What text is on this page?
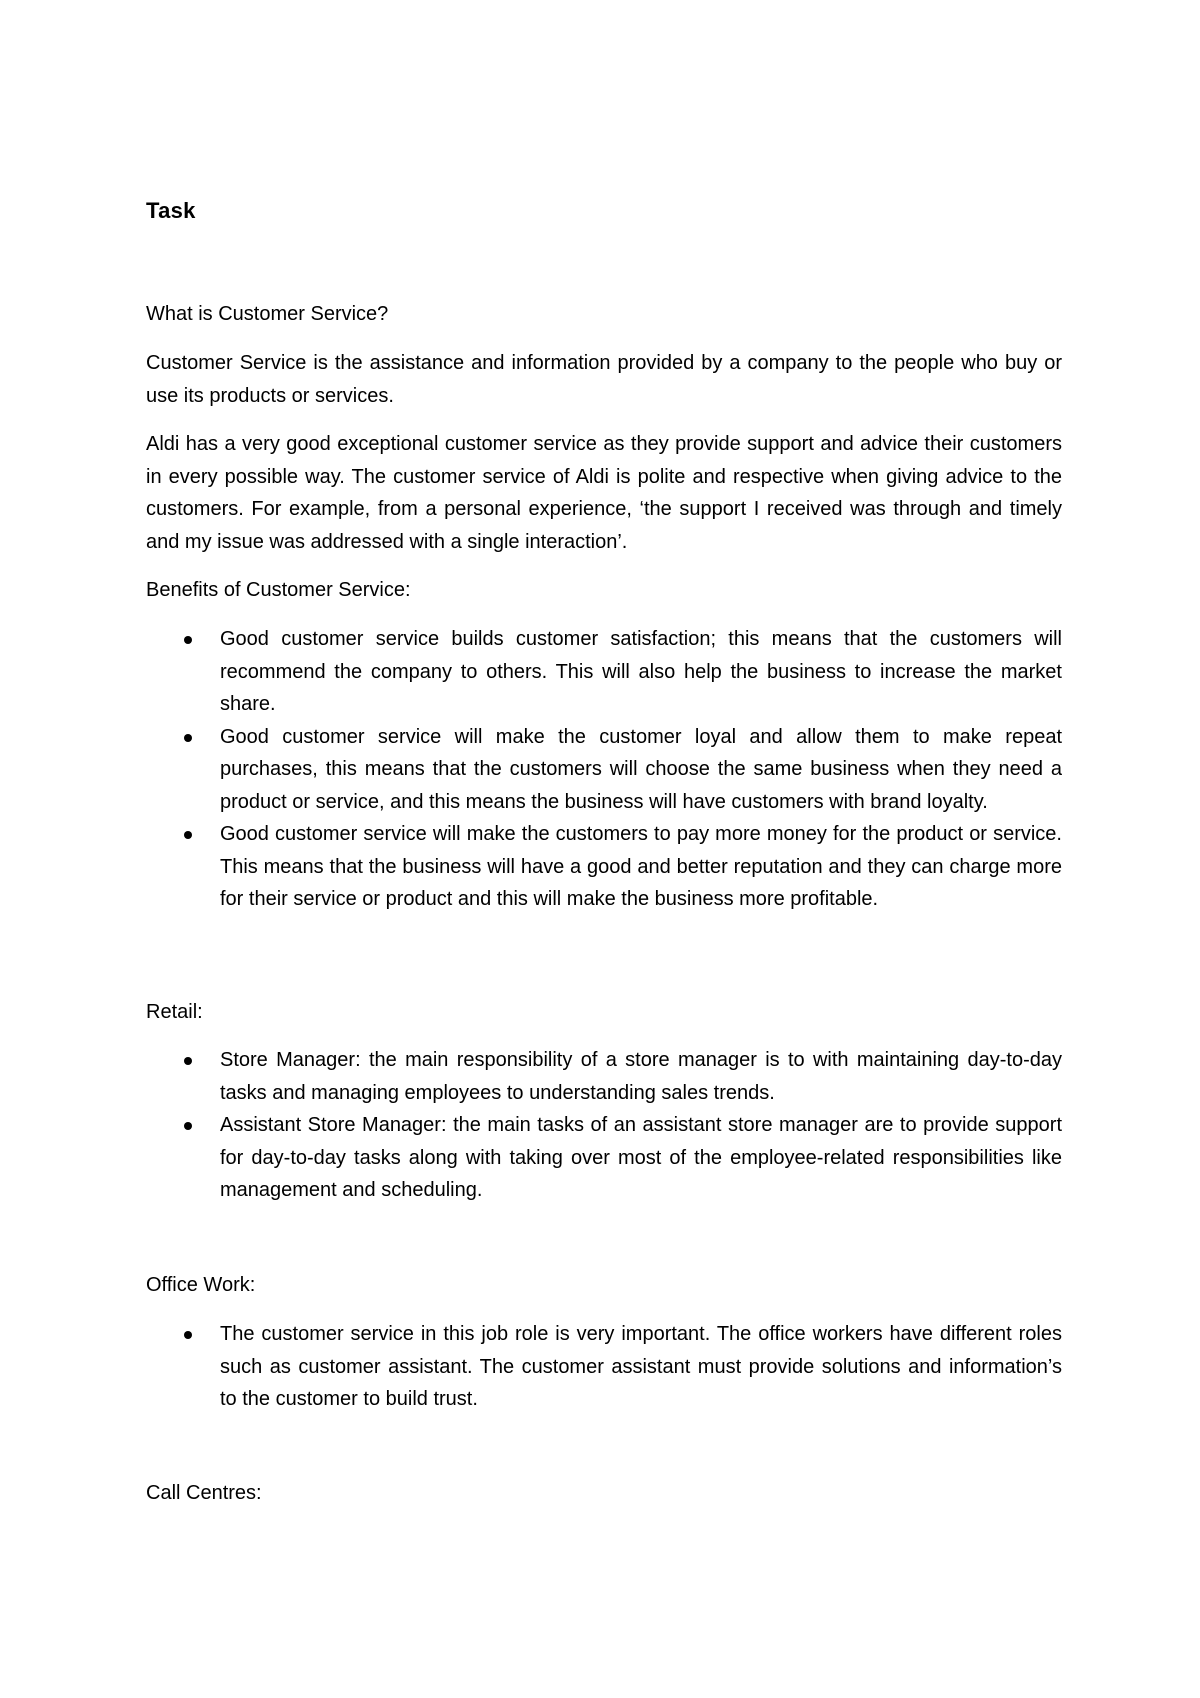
Task

What is Customer Service?

Customer Service is the assistance and information provided by a company to the people who buy or use its products or services.

Aldi has a very good exceptional customer service as they provide support and advice their customers in every possible way. The customer service of Aldi is polite and respective when giving advice to the customers. For example, from a personal experience, ‘the support I received was through and timely and my issue was addressed with a single interaction’.

Benefits of Customer Service:

Good customer service builds customer satisfaction; this means that the customers will recommend the company to others. This will also help the business to increase the market share.
Good customer service will make the customer loyal and allow them to make repeat purchases, this means that the customers will choose the same business when they need a product or service, and this means the business will have customers with brand loyalty.
Good customer service will make the customers to pay more money for the product or service. This means that the business will have a good and better reputation and they can charge more for their service or product and this will make the business more profitable.

Retail:

Store Manager: the main responsibility of a store manager is to with maintaining day-to-day tasks and managing employees to understanding sales trends.
Assistant Store Manager: the main tasks of an assistant store manager are to provide support for day-to-day tasks along with taking over most of the employee-related responsibilities like management and scheduling.

Office Work:

The customer service in this job role is very important. The office workers have different roles such as customer assistant. The customer assistant must provide solutions and information’s to the customer to build trust.

Call Centres:
